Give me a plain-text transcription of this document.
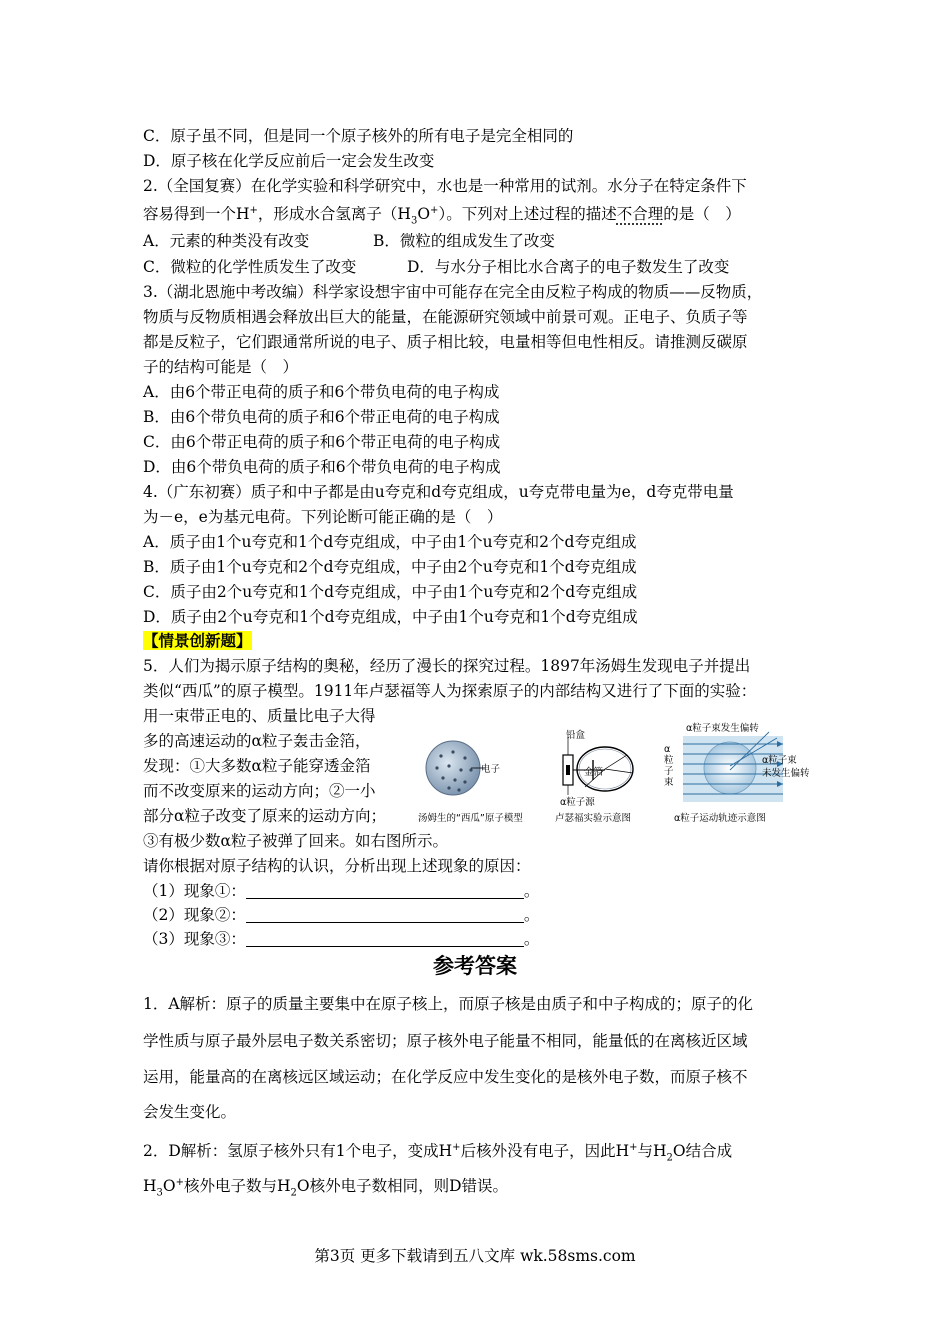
C．原子虽不同，但是同一个原子核外的所有电子是完全相同的
D．原子核在化学反应前后一定会发生改变
2.（全国复赛）在化学实验和科学研究中，水也是一种常用的试剂。水分子在特定条件下
容易得到一个H+，形成水合氢离子$(H_3O^+)$。下列对上述过程的描述不合理的是（　）
A．元素的种类没有改变	B．微粒的组成发生了改变
C．微粒的化学性质发生了改变	D．与水分子相比水合离子的电子数发生了改变
3.（湖北恩施中考改编）科学家设想宇宙中可能存在完全由反粒子构成的物质——反物质，
物质与反物质相遇会释放出巨大的能量，在能源研究领域中前景可观。正电子、负质子等
都是反粒子，它们跟通常所说的电子、质子相比较，电量相等但电性相反。请推测反碳原
子的结构可能是（　）
A．由6个带正电荷的质子和6个带负电荷的电子构成
B．由6个带负电荷的质子和6个带正电荷的电子构成
C．由6个带正电荷的质子和6个带正电荷的电子构成
D．由6个带负电荷的质子和6个带负电荷的电子构成
4.（广东初赛）质子和中子都是由u夸克和d夸克组成，u夸克带电量为e，d夸克带电量
为－e，e为基元电荷。下列论断可能正确的是（　）
A．质子由1个u夸克和1个d夸克组成，中子由1个u夸克和2个d夸克组成
B．质子由1个u夸克和2个d夸克组成，中子由2个u夸克和1个d夸克组成
C．质子由2个u夸克和1个d夸克组成，中子由1个u夸克和2个d夸克组成
D．质子由2个u夸克和1个d夸克组成，中子由1个u夸克和1个d夸克组成
【情景创新题】
5．人们为揭示原子结构的奥秘，经历了漫长的探究过程。1897年汤姆生发现电子并提出
类似“西瓜”的原子模型。1911年卢瑟福等人为探索原子的内部结构又进行了下面的实验：
用一束带正电的、质量比电子大得
多的高速运动的α粒子轰击金箔，
发现：①大多数α粒子能穿透金箔
而不改变原来的运动方向；②一小
部分α粒子改变了原来的运动方向；
③有极少数α粒子被弹了回来。如右图所示。
请你根据对原子结构的认识，分析出现上述现象的原因：
（1）现象①：	。
（2）现象②：	。
（3）现象③：	。
电子
汤姆生的“西瓜”原子模型
铅盒
金箔
α粒子源
卢瑟福实验示意图
α粒子束发生偏转
α粒子束
α粒子束
未发生偏转
α粒子运动轨迹示意图
参考答案
1．A解析：原子的质量主要集中在原子核上，而原子核是由质子和中子构成的；原子的化
学性质与原子最外层电子数关系密切；原子核外电子能量不相同，能量低的在离核近区域
运用，能量高的在离核远区域运动；在化学反应中发生变化的是核外电子数，而原子核不
会发生变化。
2．D解析：氢原子核外只有1个电子，变成H+后核外没有电子，因此H+与$H_2O$结合成
$H_3O^+$核外电子数与$H_2O$核外电子数相同，则D错误。
第3页 更多下载请到五八文库 wk.58sms.com
